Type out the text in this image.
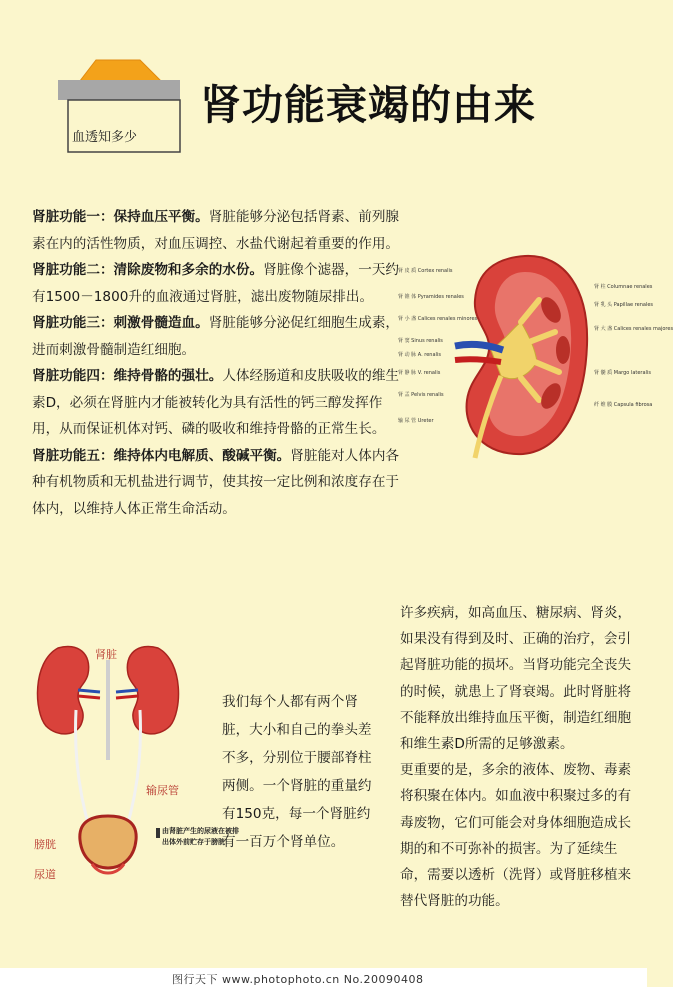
血透知多少
肾功能衰竭的由来

肾脏功能一：保持血压平衡。肾脏能够分泌包括肾素、前列腺素在内的活性物质，对血压调控、水盐代谢起着重要的作用。

肾脏功能二：清除废物和多余的水份。肾脏像个滤器，一天约有1500－1800升的血液通过肾脏，滤出废物随尿排出。

肾脏功能三：刺激骨髓造血。肾脏能够分泌促红细胞生成素，进而刺激骨髓制造红细胞。

肾脏功能四：维持骨骼的强壮。人体经肠道和皮肤吸收的维生素D，必须在肾脏内才能被转化为具有活性的钙三醇发挥作用，从而保证机体对钙、磷的吸收和维持骨骼的正常生长。

肾脏功能五：维持体内电解质、酸碱平衡。肾脏能对人体内各种有机物质和无机盐进行调节，使其按一定比例和浓度存在于体内，以维持人体正常生命活动。

肾 皮 质 Cortex renalis
肾 锥 体 Pyramides renales
肾 小 盏 Calices renales minores
肾 窦 Sinus renalis
肾 动 脉 A. renalis
肾 静 脉 V. renalis
肾 盂 Pelvis renalis
输 尿 管 Ureter
肾 柱 Columnae renales
肾 乳 头 Papillae renales
肾 大 盏 Calices renales majores
肾 髓 质 Margo lateralis
纤 维 膜 Capsula fibrosa

许多疾病，如高血压、糖尿病、肾炎，如果没有得到及时、正确的治疗，会引起肾脏功能的损坏。当肾功能完全丧失的时候，就患上了肾衰竭。此时肾脏将不能释放出维持血压平衡，制造红细胞和维生素D所需的足够激素。

更重要的是，多余的液体、废物、毒素将积聚在体内。如血液中积聚过多的有毒废物，它们可能会对身体细胞造成长期的和不可弥补的损害。为了延续生命，需要以透析（洗肾）或肾脏移植来替代肾脏的功能。

肾脏
输尿管
膀胱
尿道
由肾脏产生的尿液在被排出体外前贮存于膀胱
我们每个人都有两个肾脏，大小和自己的拳头差不多，分别位于腰部脊柱两侧。一个肾脏的重量约有150克，每一个肾脏约有一百万个肾单位。
图行天下 www.photophoto.cn No.20090408
